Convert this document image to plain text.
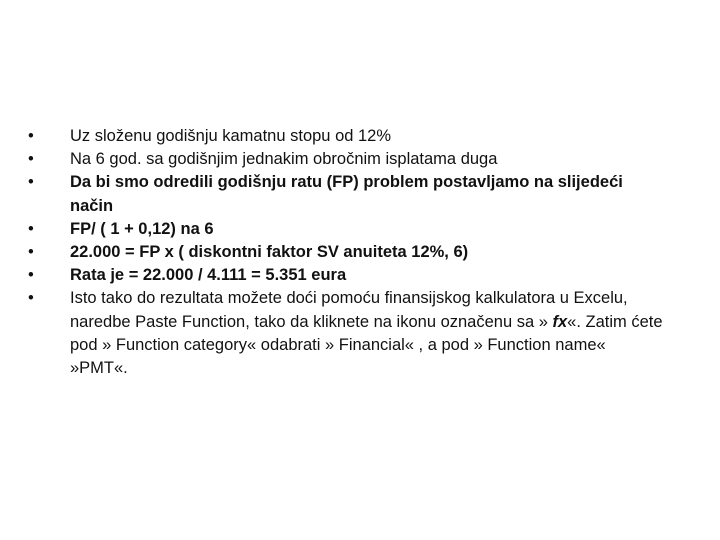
•	Uz složenu godišnju kamatnu stopu od 12%
•	Na 6 god. sa godišnjim jednakim obročnim isplatama duga
•	Da bi smo odredili godišnju ratu (FP) problem postavljamo na slijedeći način
•	FP/ ( 1 + 0,12) na 6
•	22.000 = FP x ( diskontni faktor SV anuiteta 12%, 6)
•	Rata je = 22.000 / 4.111 = 5.351 eura
•	Isto tako do rezultata možete doći pomoću finansijskog kalkulatora u Excelu, naredbe Paste Function, tako da kliknete na ikonu označenu sa » fx«. Zatim ćete pod » Function category« odabrati » Financial« , a pod » Function name« »PMT«.
